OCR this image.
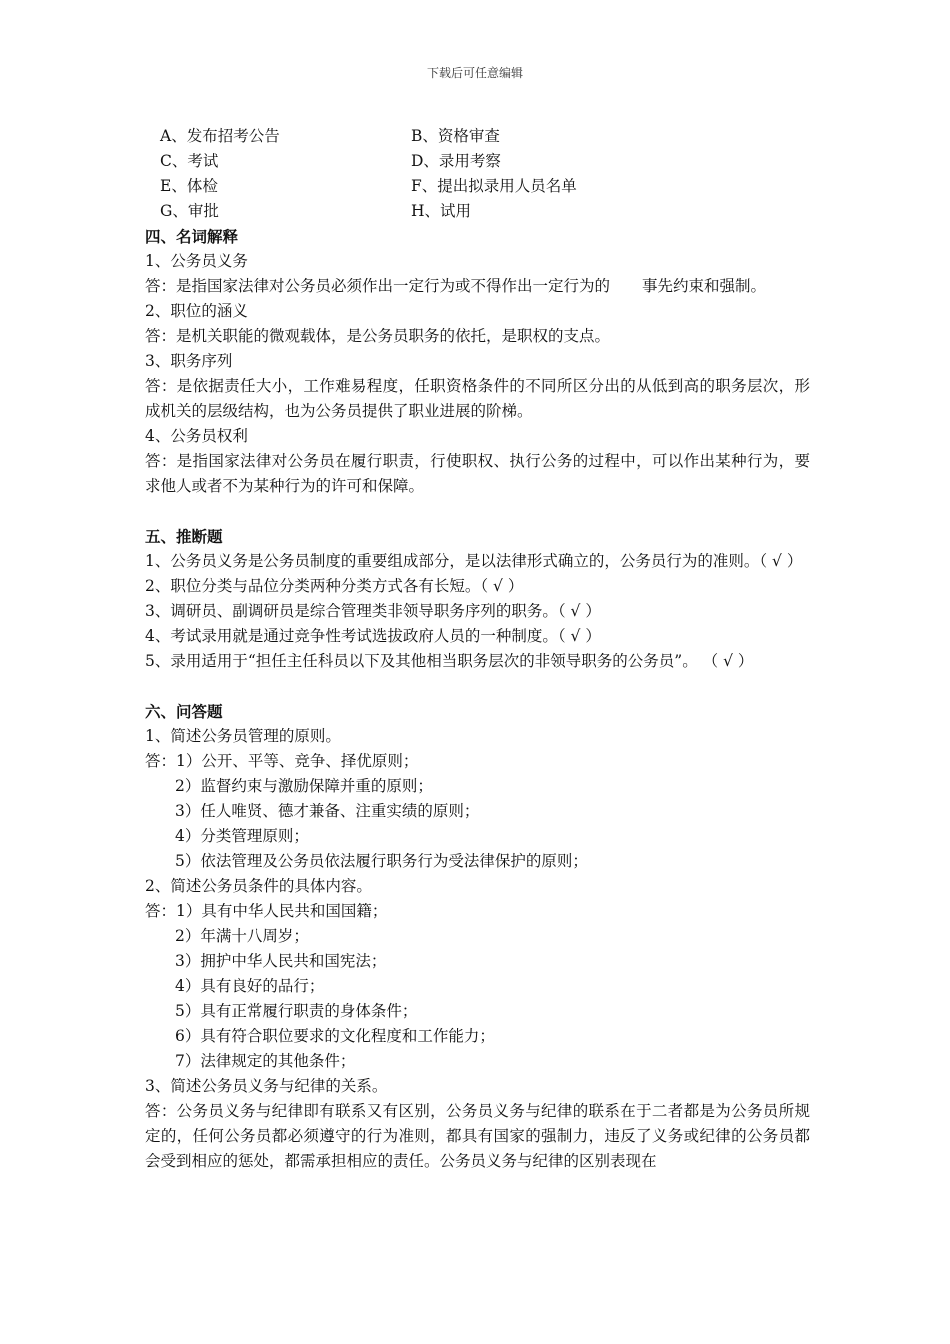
下载后可任意编辑
A、发布招考公告	B、资格审查
C、考试	D、录用考察
E、体检	F、提出拟录用人员名单
G、审批	H、试用
四、名词解释
1、公务员义务
答：是指国家法律对公务员必须作出一定行为或不得作出一定行为的 事先约束和强制。
2、职位的涵义
答：是机关职能的微观载体，是公务员职务的依托，是职权的支点。
3、职务序列
答：是依据责任大小，工作难易程度，任职资格条件的不同所区分出的从低到高的职务层次，形成机关的层级结构，也为公务员提供了职业进展的阶梯。
4、公务员权利
答：是指国家法律对公务员在履行职责，行使职权、执行公务的过程中，可以作出某种行为，要求他人或者不为某种行为的许可和保障。
五、推断题
1、公务员义务是公务员制度的重要组成部分，是以法律形式确立的，公务员行为的准则。（ √ ）
2、职位分类与品位分类两种分类方式各有长短。（ √ ）
3、调研员、副调研员是综合管理类非领导职务序列的职务。（ √ ）
4、考试录用就是通过竞争性考试选拔政府人员的一种制度。（ √ ）
5、录用适用于“担任主任科员以下及其他相当职务层次的非领导职务的公务员”。 （ √ ）
六、问答题
1、简述公务员管理的原则。
答：1）公开、平等、竞争、择优原则；
2）监督约束与激励保障并重的原则；
3）任人唯贤、德才兼备、注重实绩的原则；
4）分类管理原则；
5）依法管理及公务员依法履行职务行为受法律保护的原则；
2、简述公务员条件的具体内容。
答：1）具有中华人民共和国国籍；
2）年满十八周岁；
3）拥护中华人民共和国宪法；
4）具有良好的品行；
5）具有正常履行职责的身体条件；
6）具有符合职位要求的文化程度和工作能力；
7）法律规定的其他条件；
3、简述公务员义务与纪律的关系。
答：公务员义务与纪律即有联系又有区别，公务员义务与纪律的联系在于二者都是为公务员所规定的，任何公务员都必须遵守的行为准则，都具有国家的强制力，违反了义务或纪律的公务员都会受到相应的惩处，都需承担相应的责任。公务员义务与纪律的区别表现在
